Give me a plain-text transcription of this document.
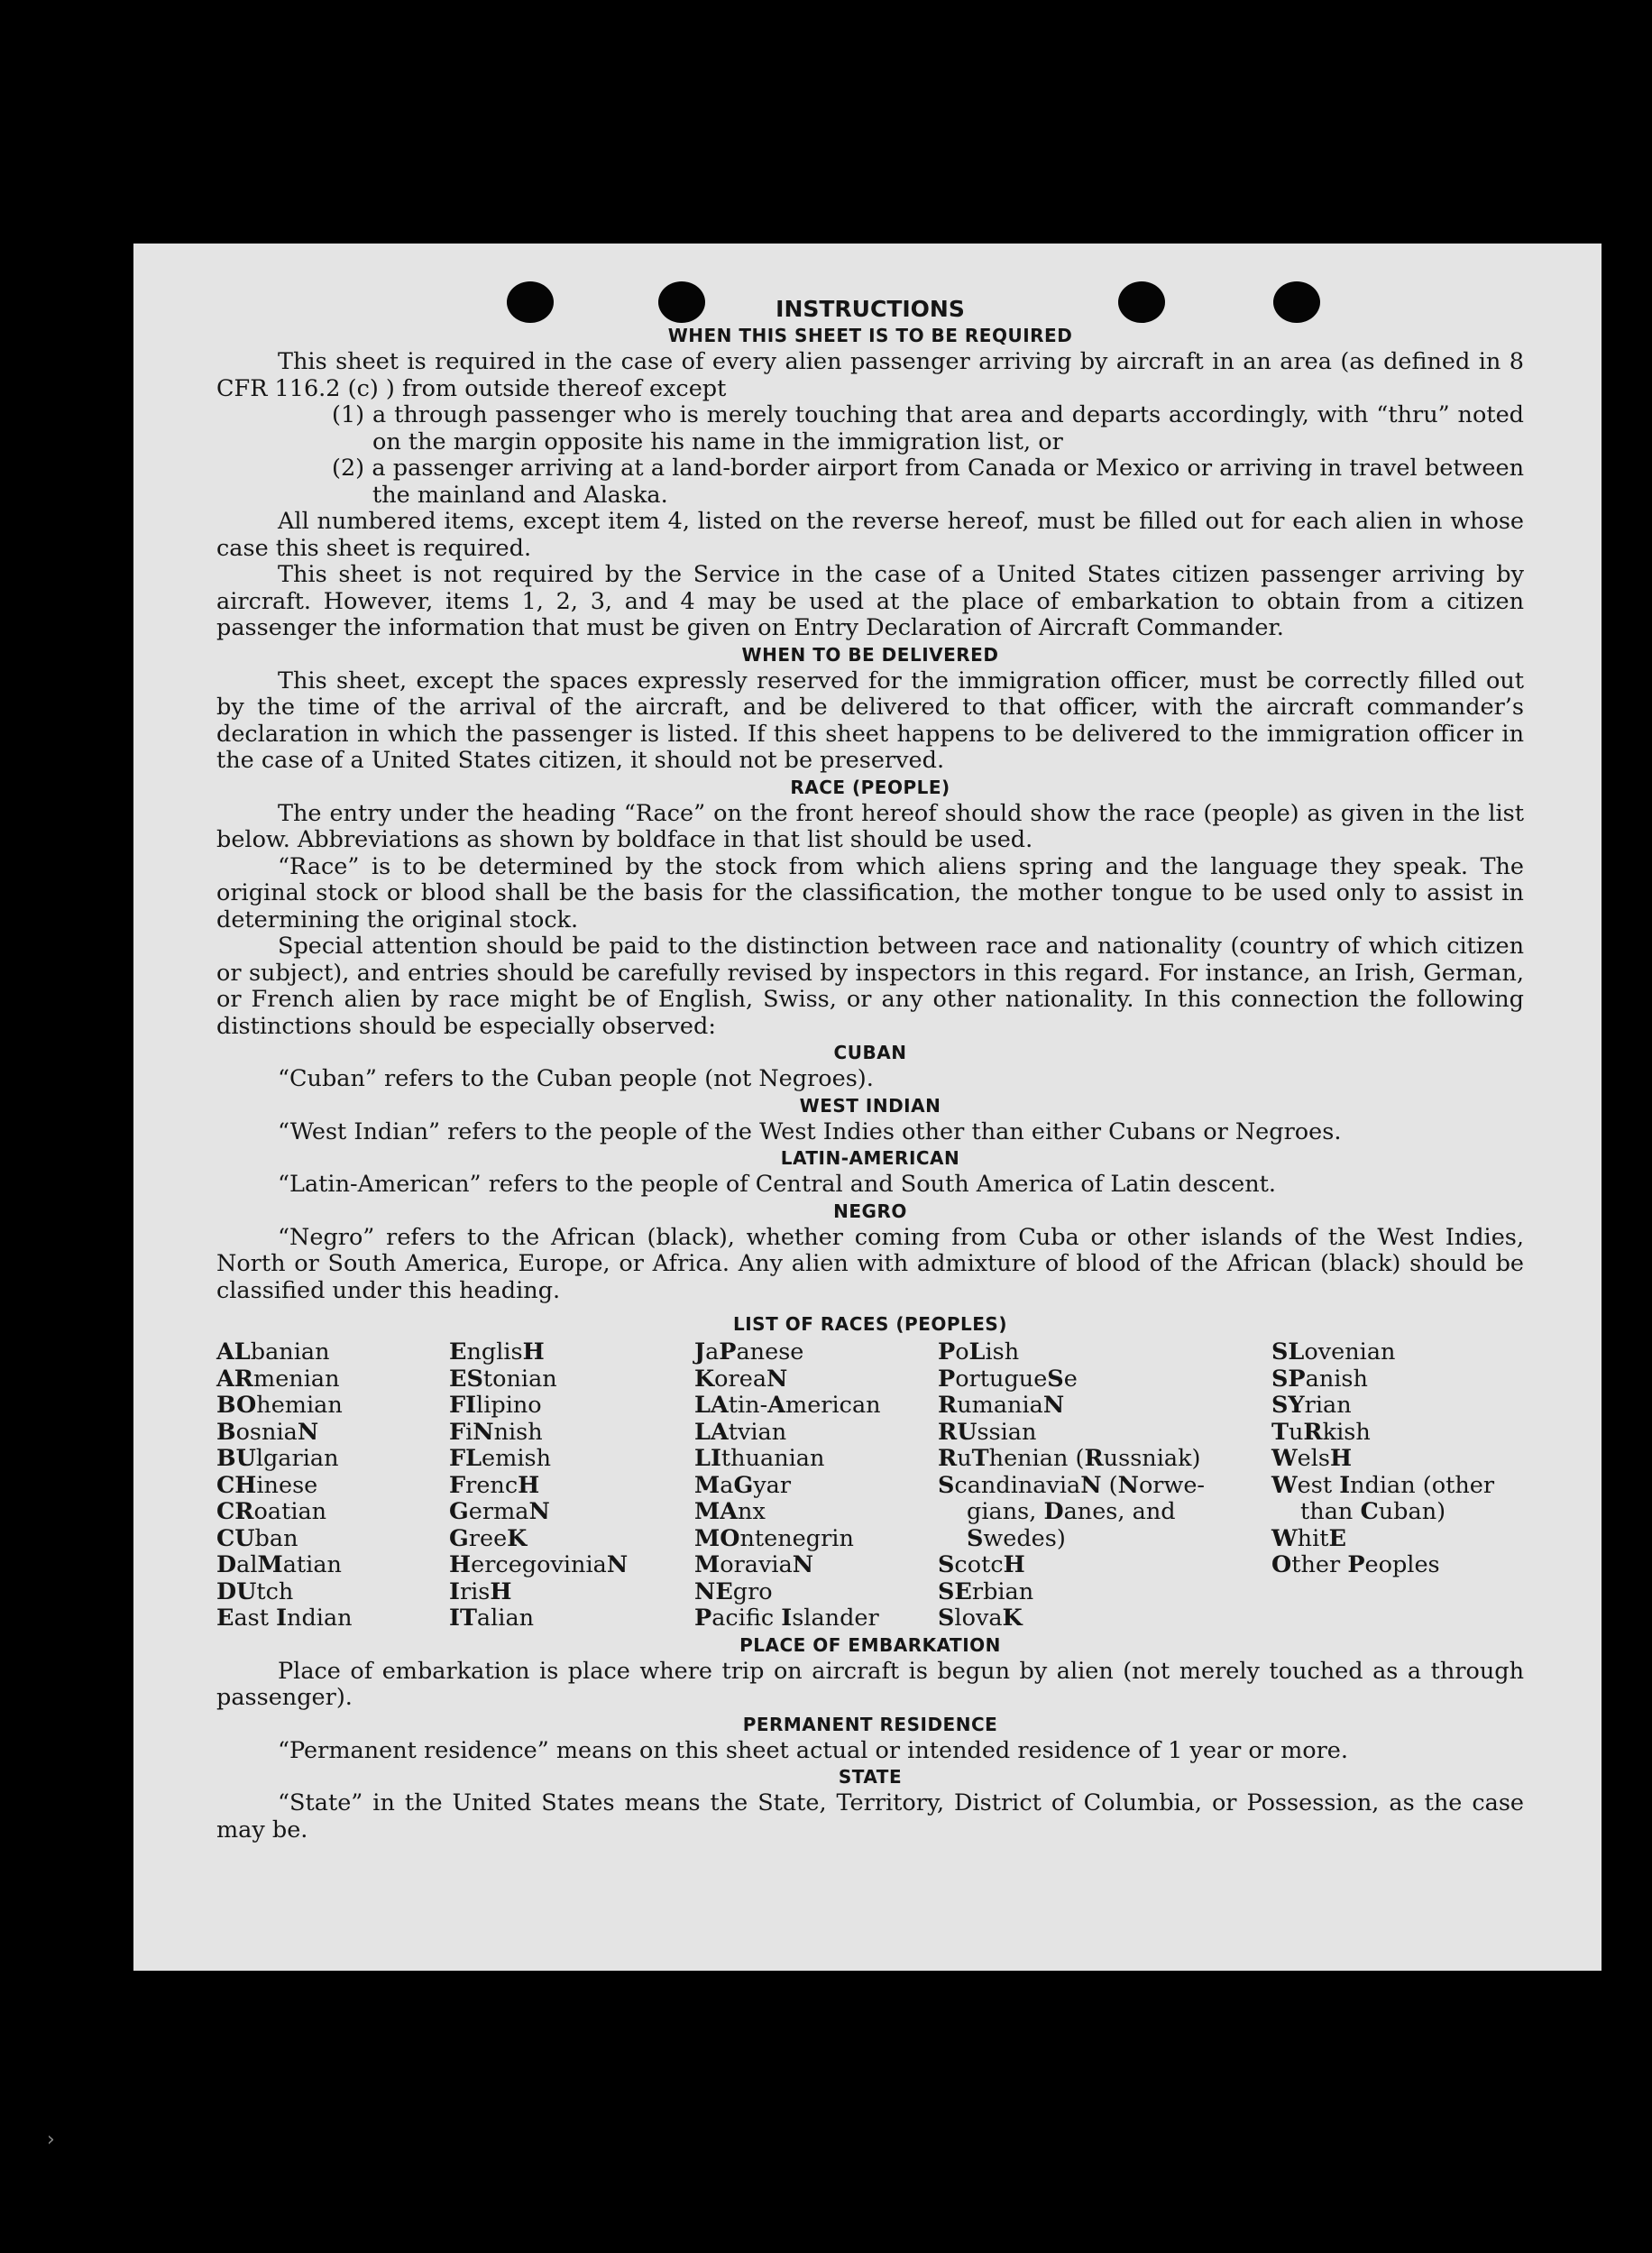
›
INSTRUCTIONS
WHEN THIS SHEET IS TO BE REQUIRED

This sheet is required in the case of every alien passenger arriving by aircraft in an area (as defined in 8 CFR 116.2 (c) ) from outside thereof except

(1) a through passenger who is merely touching that area and departs accordingly, with “thru” noted on the margin opposite his name in the immigration list, or

(2) a passenger arriving at a land-border airport from Canada or Mexico or arriving in travel between the mainland and Alaska.

All numbered items, except item 4, listed on the reverse hereof, must be filled out for each alien in whose case this sheet is required.

This sheet is not required by the Service in the case of a United States citizen passenger arriving by aircraft. However, items 1, 2, 3, and 4 may be used at the place of embarkation to obtain from a citizen passenger the information that must be given on Entry Declaration of Aircraft Commander.

WHEN TO BE DELIVERED

This sheet, except the spaces expressly reserved for the immigration officer, must be correctly filled out by the time of the arrival of the aircraft, and be delivered to that officer, with the aircraft commander’s declaration in which the passenger is listed. If this sheet happens to be delivered to the immigration officer in the case of a United States citizen, it should not be preserved.

RACE (PEOPLE)

The entry under the heading “Race” on the front hereof should show the race (people) as given in the list below. Abbreviations as shown by boldface in that list should be used.

“Race” is to be determined by the stock from which aliens spring and the language they speak. The original stock or blood shall be the basis for the classification, the mother tongue to be used only to assist in determining the original stock.

Special attention should be paid to the distinction between race and nationality (country of which citizen or subject), and entries should be carefully revised by inspectors in this regard. For instance, an Irish, German, or French alien by race might be of English, Swiss, or any other nationality. In this connection the following distinctions should be especially observed:

CUBAN

“Cuban” refers to the Cuban people (not Negroes).

WEST INDIAN

“West Indian” refers to the people of the West Indies other than either Cubans or Negroes.

LATIN-AMERICAN

“Latin-American” refers to the people of Central and South America of Latin descent.

NEGRO

“Negro” refers to the African (black), whether coming from Cuba or other islands of the West Indies, North or South America, Europe, or Africa. Any alien with admixture of blood of the African (black) should be classified under this heading.

LIST OF RACES (PEOPLES)
ALbanian
ARmenian
BOhemian
BosniaN
BUlgarian
CHinese
CRoatian
CUban
DalMatian
DUtch
East Indian
EnglisH
EStonian
FIlipino
FiNnish
FLemish
FrencH
GermaN
GreeK
HercegoviniaN
IrisH
ITalian
JaPanese
KoreaN
LAtin-American
LAtvian
LIthuanian
MaGyar
MAnx
MOntenegrin
MoraviaN
NEgro
Pacifc Islander
PoLish
PortugueSe
RumaniaN
RUssian
RuThenian (Russniak)
ScandinaviaN (Norwe-
gians, Danes, and
Swedes)
ScotcH
SErbian
SlovaK
SLovenian
SPanish
SYrian
TuRkish
WelsH
West Indian (other
than Cuban)
WhitE
Other Peoples
PLACE OF EMBARKATION

Place of embarkation is place where trip on aircraft is begun by alien (not merely touched as a through passenger).

PERMANENT RESIDENCE

“Permanent residence” means on this sheet actual or intended residence of 1 year or more.

STATE

“State” in the United States means the State, Territory, District of Columbia, or Possession, as the case may be.
